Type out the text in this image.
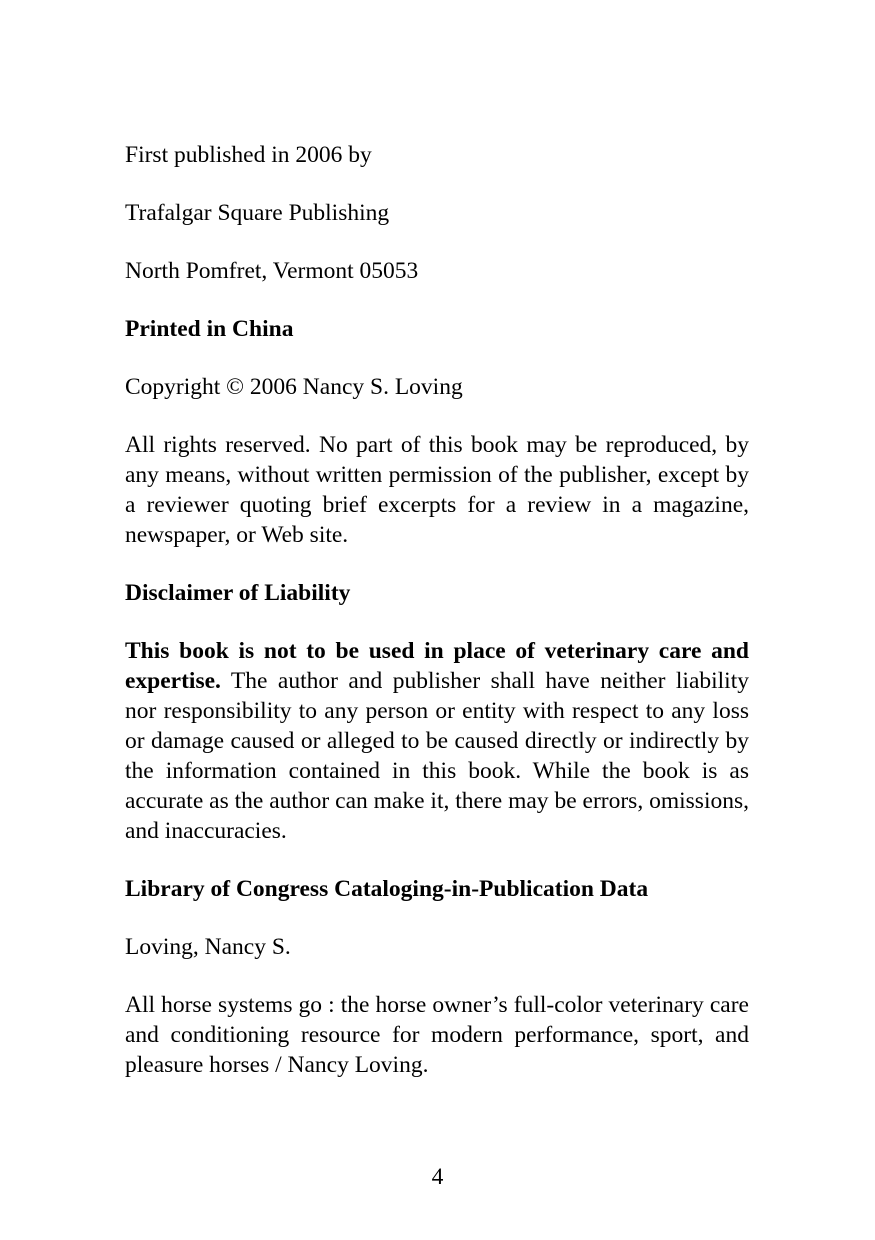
First published in 2006 by

Trafalgar Square Publishing

North Pomfret, Vermont 05053

Printed in China

Copyright © 2006 Nancy S. Loving

All rights reserved. No part of this book may be reproduced, by any means, without written permission of the publisher, except by a reviewer quoting brief excerpts for a review in a magazine, newspaper, or Web site.

Disclaimer of Liability

This book is not to be used in place of veterinary care and expertise. The author and publisher shall have neither liability nor responsibility to any person or entity with respect to any loss or damage caused or alleged to be caused directly or indirectly by the information contained in this book. While the book is as accurate as the author can make it, there may be errors, omissions, and inaccuracies.

Library of Congress Cataloging-in-Publication Data

Loving, Nancy S.

All horse systems go : the horse owner’s full-color veterinary care and conditioning resource for modern performance, sport, and pleasure horses / Nancy Loving.

4
